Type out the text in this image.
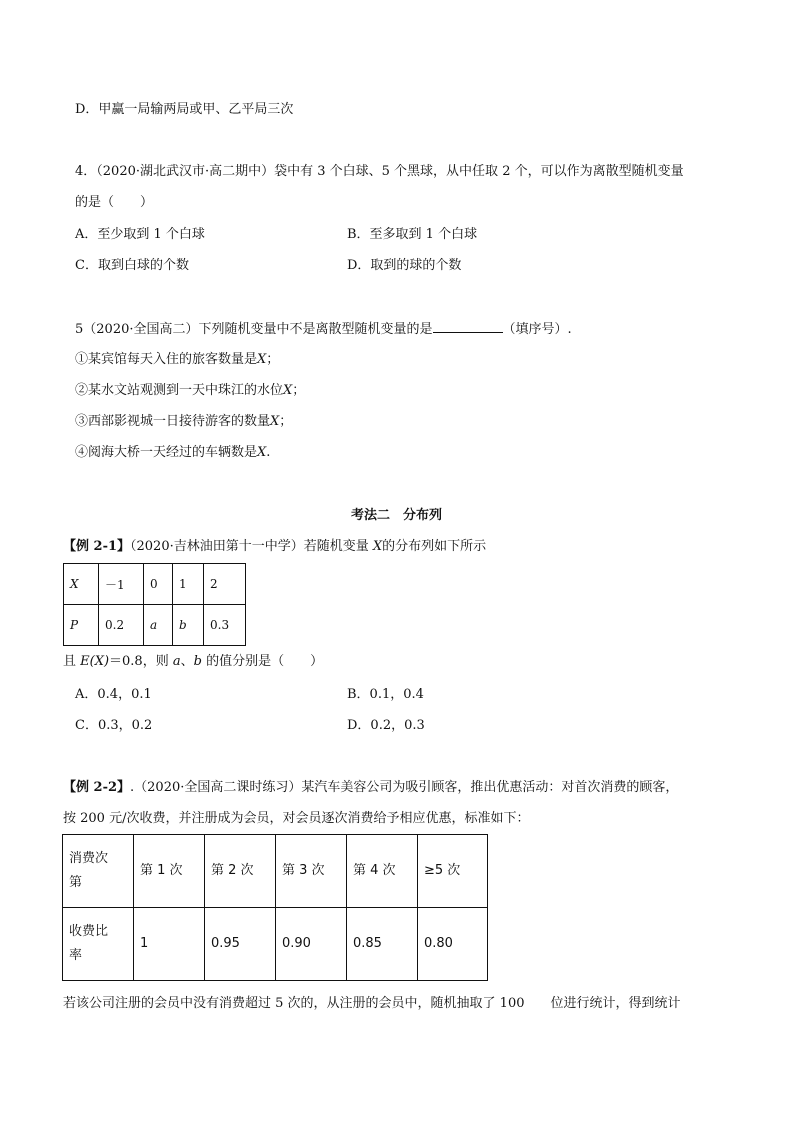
D．甲赢一局输两局或甲、乙平局三次
4．（2020·湖北武汉市·高二期中）袋中有 3 个白球、5 个黑球，从中任取 2 个，可以作为离散型随机变量
的是（　　）
A．至少取到 1 个白球	B．至多取到 1 个白球
C．取到白球的个数	D．取到的球的个数
5（2020·全国高二）下列随机变量中不是离散型随机变量的是	（填序号）.
①某宾馆每天入住的旅客数量是X；
②某水文站观测到一天中珠江的水位X；
③西部影视城一日接待游客的数量X；
④阅海大桥一天经过的车辆数是X.
考法二　分布列
【例 2-1】（2020·吉林油田第十一中学）若随机变量 X的分布列如下所示
X	－1	0	1	2
P	0.2	a	b	0.3
且 E(X)＝0.8，则 a、b 的值分别是（　　）
A．0.4，0.1	B．0.1，0.4
C．0.3，0.2	D．0.2，0.3
【例 2-2】.（2020·全国高二课时练习）某汽车美容公司为吸引顾客，推出优惠活动：对首次消费的顾客，
按 200 元/次收费，并注册成为会员，对会员逐次消费给予相应优惠，标准如下：
消费次
第	第 1 次	第 2 次	第 3 次	第 4 次	≥5 次
收费比
率	1	0.95	0.90	0.85	0.80
若该公司注册的会员中没有消费超过 5 次的，从注册的会员中，随机抽取了 100　　位进行统计，得到统计
